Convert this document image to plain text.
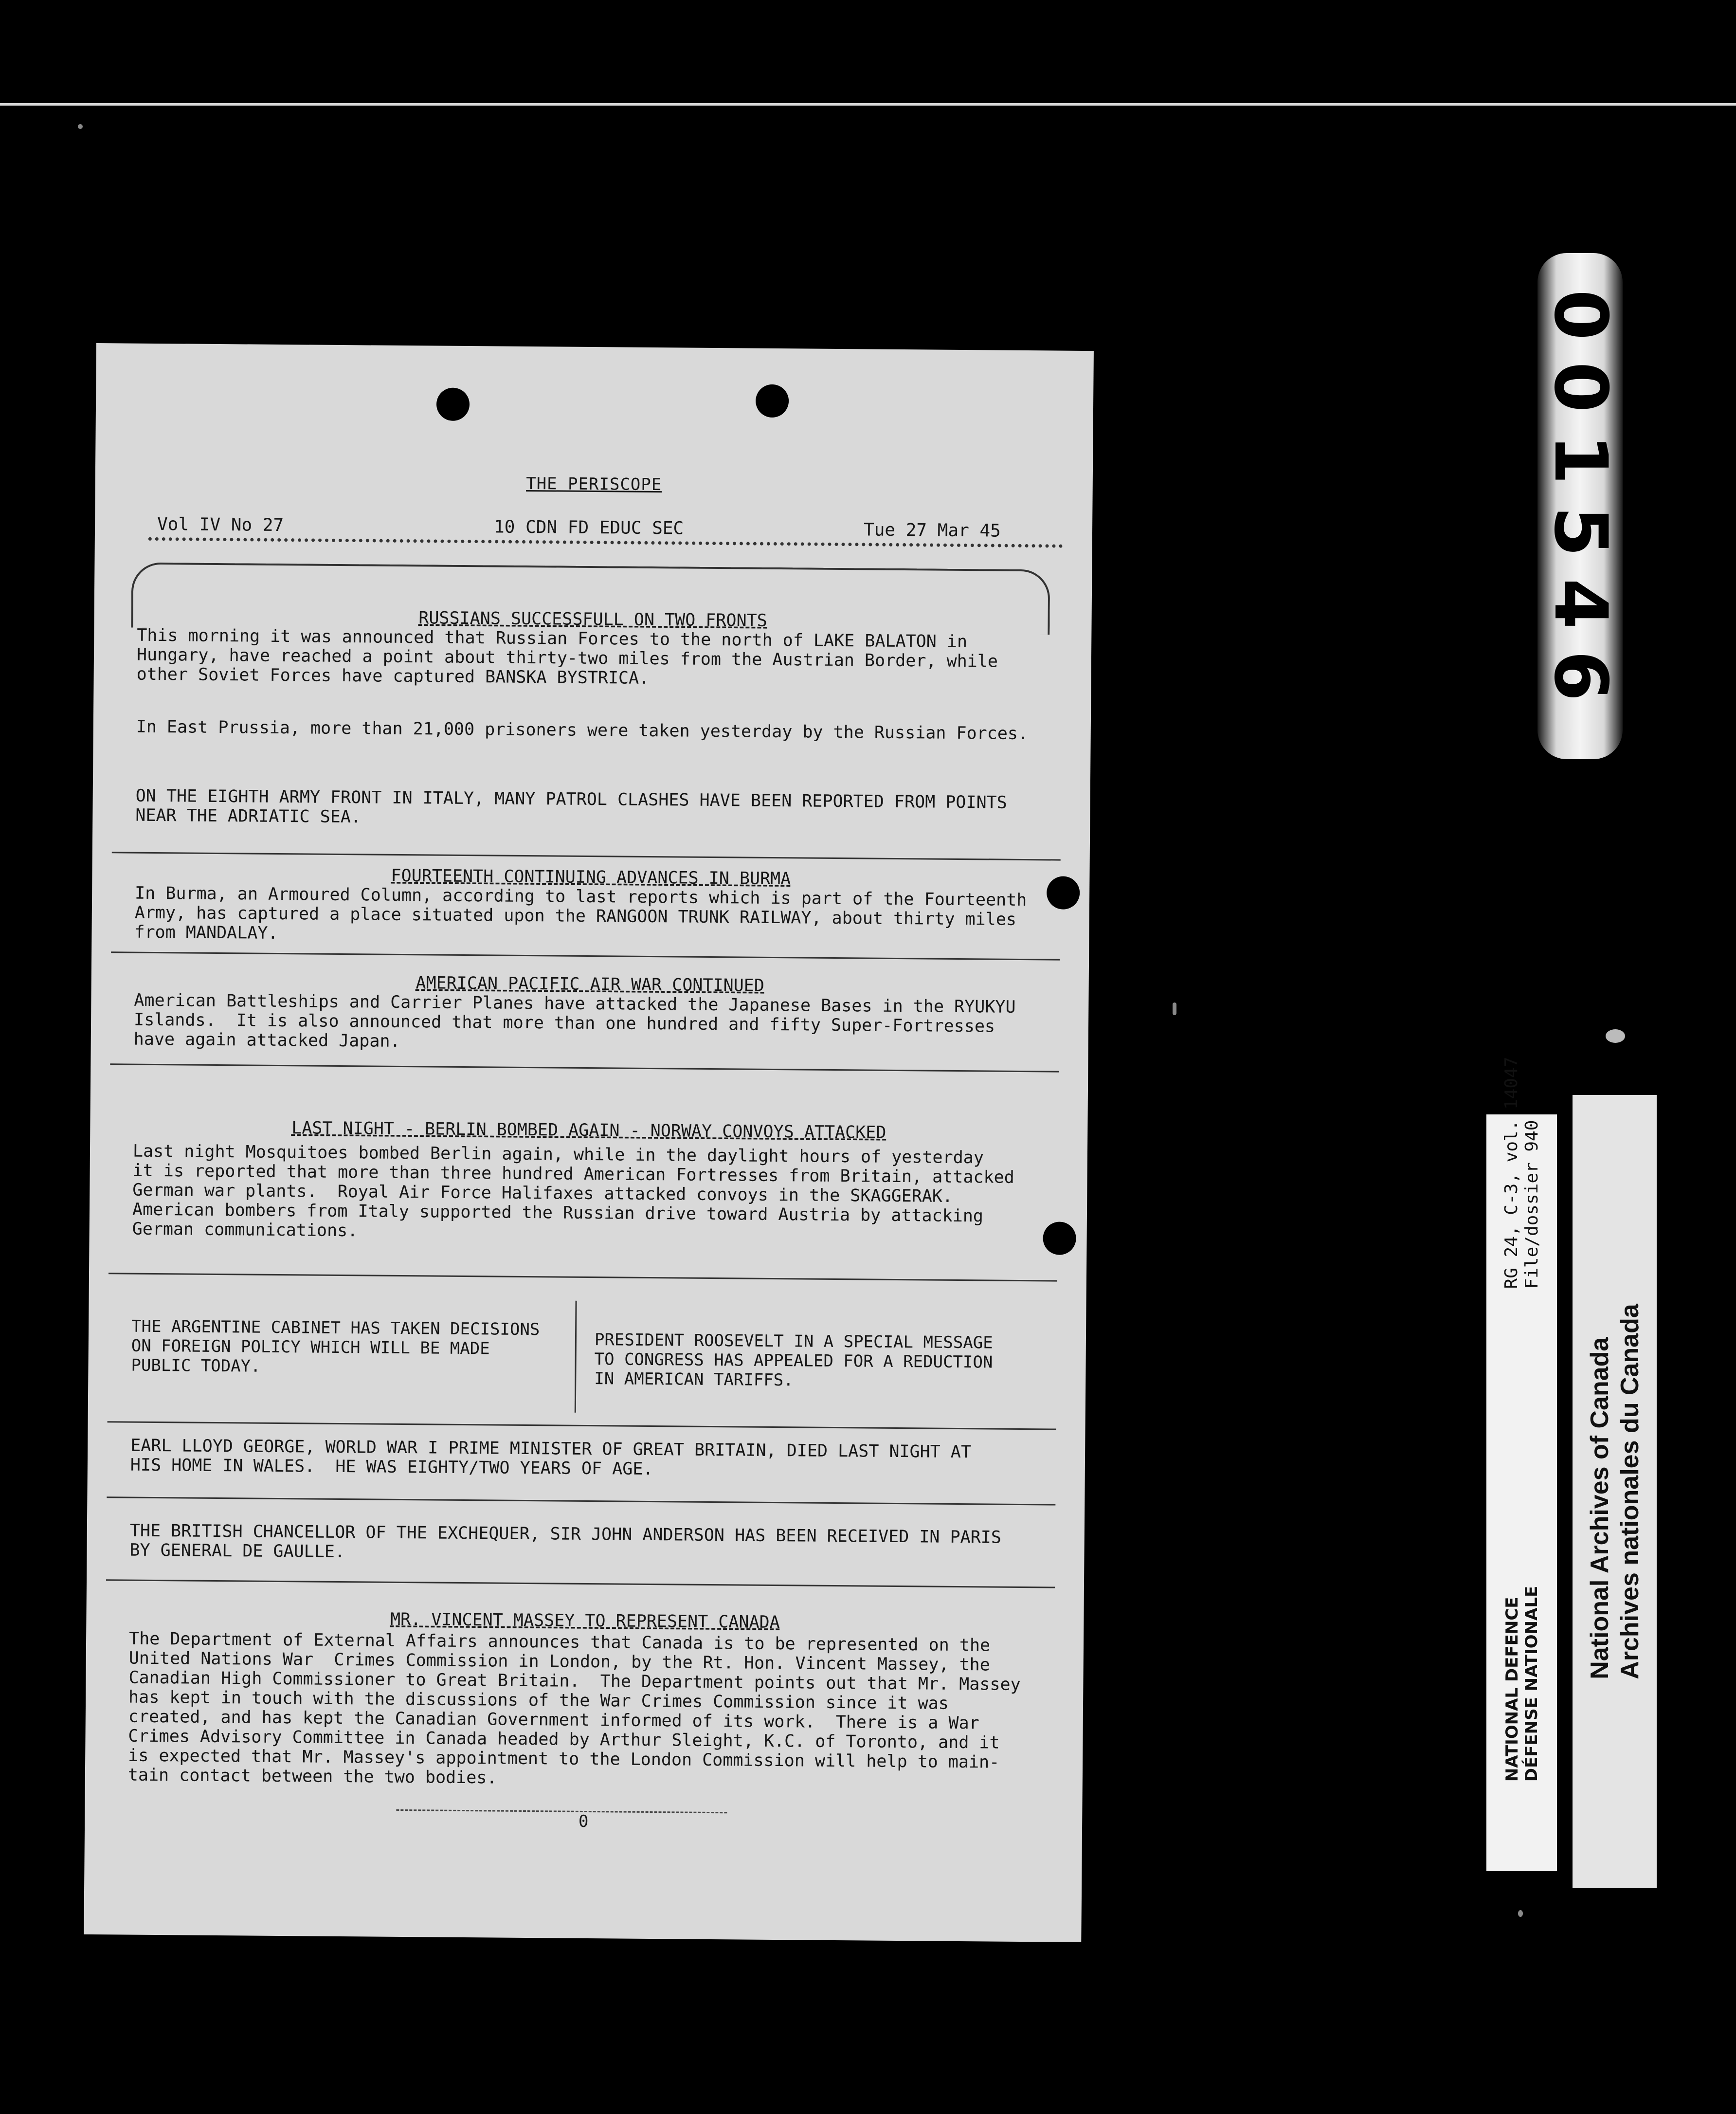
001546
RG 24, C-3, vol. 14047 File/dossier 940
NATIONAL DEFENCE DÉFENSE NATIONALE
National Archives of Canada Archives nationales du Canada
THE PERISCOPE
Vol IV No 27	10 CDN FD EDUC SEC	Tue 27 Mar 45
RUSSIANS SUCCESSFULL ON TWO FRONTS
This morning it was announced that Russian Forces to the north of LAKE BALATON in
Hungary, have reached a point about thirty-two miles from the Austrian Border, while
other Soviet Forces have captured BANSKA BYSTRICA.
In East Prussia, more than 21,000 prisoners were taken yesterday by the Russian Forces.
ON THE EIGHTH ARMY FRONT IN ITALY, MANY PATROL CLASHES HAVE BEEN REPORTED FROM POINTS
NEAR THE ADRIATIC SEA.
FOURTEENTH CONTINUING ADVANCES IN BURMA
In Burma, an Armoured Column, according to last reports which is part of the Fourteenth
Army, has captured a place situated upon the RANGOON TRUNK RAILWAY, about thirty miles
from MANDALAY.
AMERICAN PACIFIC AIR WAR CONTINUED
American Battleships and Carrier Planes have attacked the Japanese Bases in the RYUKYU
Islands.  It is also announced that more than one hundred and fifty Super-Fortresses
have again attacked Japan.
LAST NIGHT - BERLIN BOMBED AGAIN - NORWAY CONVOYS ATTACKED
Last night Mosquitoes bombed Berlin again, while in the daylight hours of yesterday
it is reported that more than three hundred American Fortresses from Britain, attacked
German war plants.  Royal Air Force Halifaxes attacked convoys in the SKAGGERAK.
American bombers from Italy supported the Russian drive toward Austria by attacking
German communications.
THE ARGENTINE CABINET HAS TAKEN DECISIONS
ON FOREIGN POLICY WHICH WILL BE MADE
PUBLIC TODAY.
PRESIDENT ROOSEVELT IN A SPECIAL MESSAGE
TO CONGRESS HAS APPEALED FOR A REDUCTION
IN AMERICAN TARIFFS.
EARL LLOYD GEORGE, WORLD WAR I PRIME MINISTER OF GREAT BRITAIN, DIED LAST NIGHT AT
HIS HOME IN WALES.  HE WAS EIGHTY/TWO YEARS OF AGE.
THE BRITISH CHANCELLOR OF THE EXCHEQUER, SIR JOHN ANDERSON HAS BEEN RECEIVED IN PARIS
BY GENERAL DE GAULLE.
MR. VINCENT MASSEY TO REPRESENT CANADA
The Department of External Affairs announces that Canada is to be represented on the
United Nations War  Crimes Commission in London, by the Rt. Hon. Vincent Massey, the
Canadian High Commissioner to Great Britain.  The Department points out that Mr. Massey
has kept in touch with the discussions of the War Crimes Commission since it was
created, and has kept the Canadian Government informed of its work.  There is a War
Crimes Advisory Committee in Canada headed by Arthur Sleight, K.C. of Toronto, and it
is expected that Mr. Massey's appointment to the London Commission will help to main-
tain contact between the two bodies.
0
